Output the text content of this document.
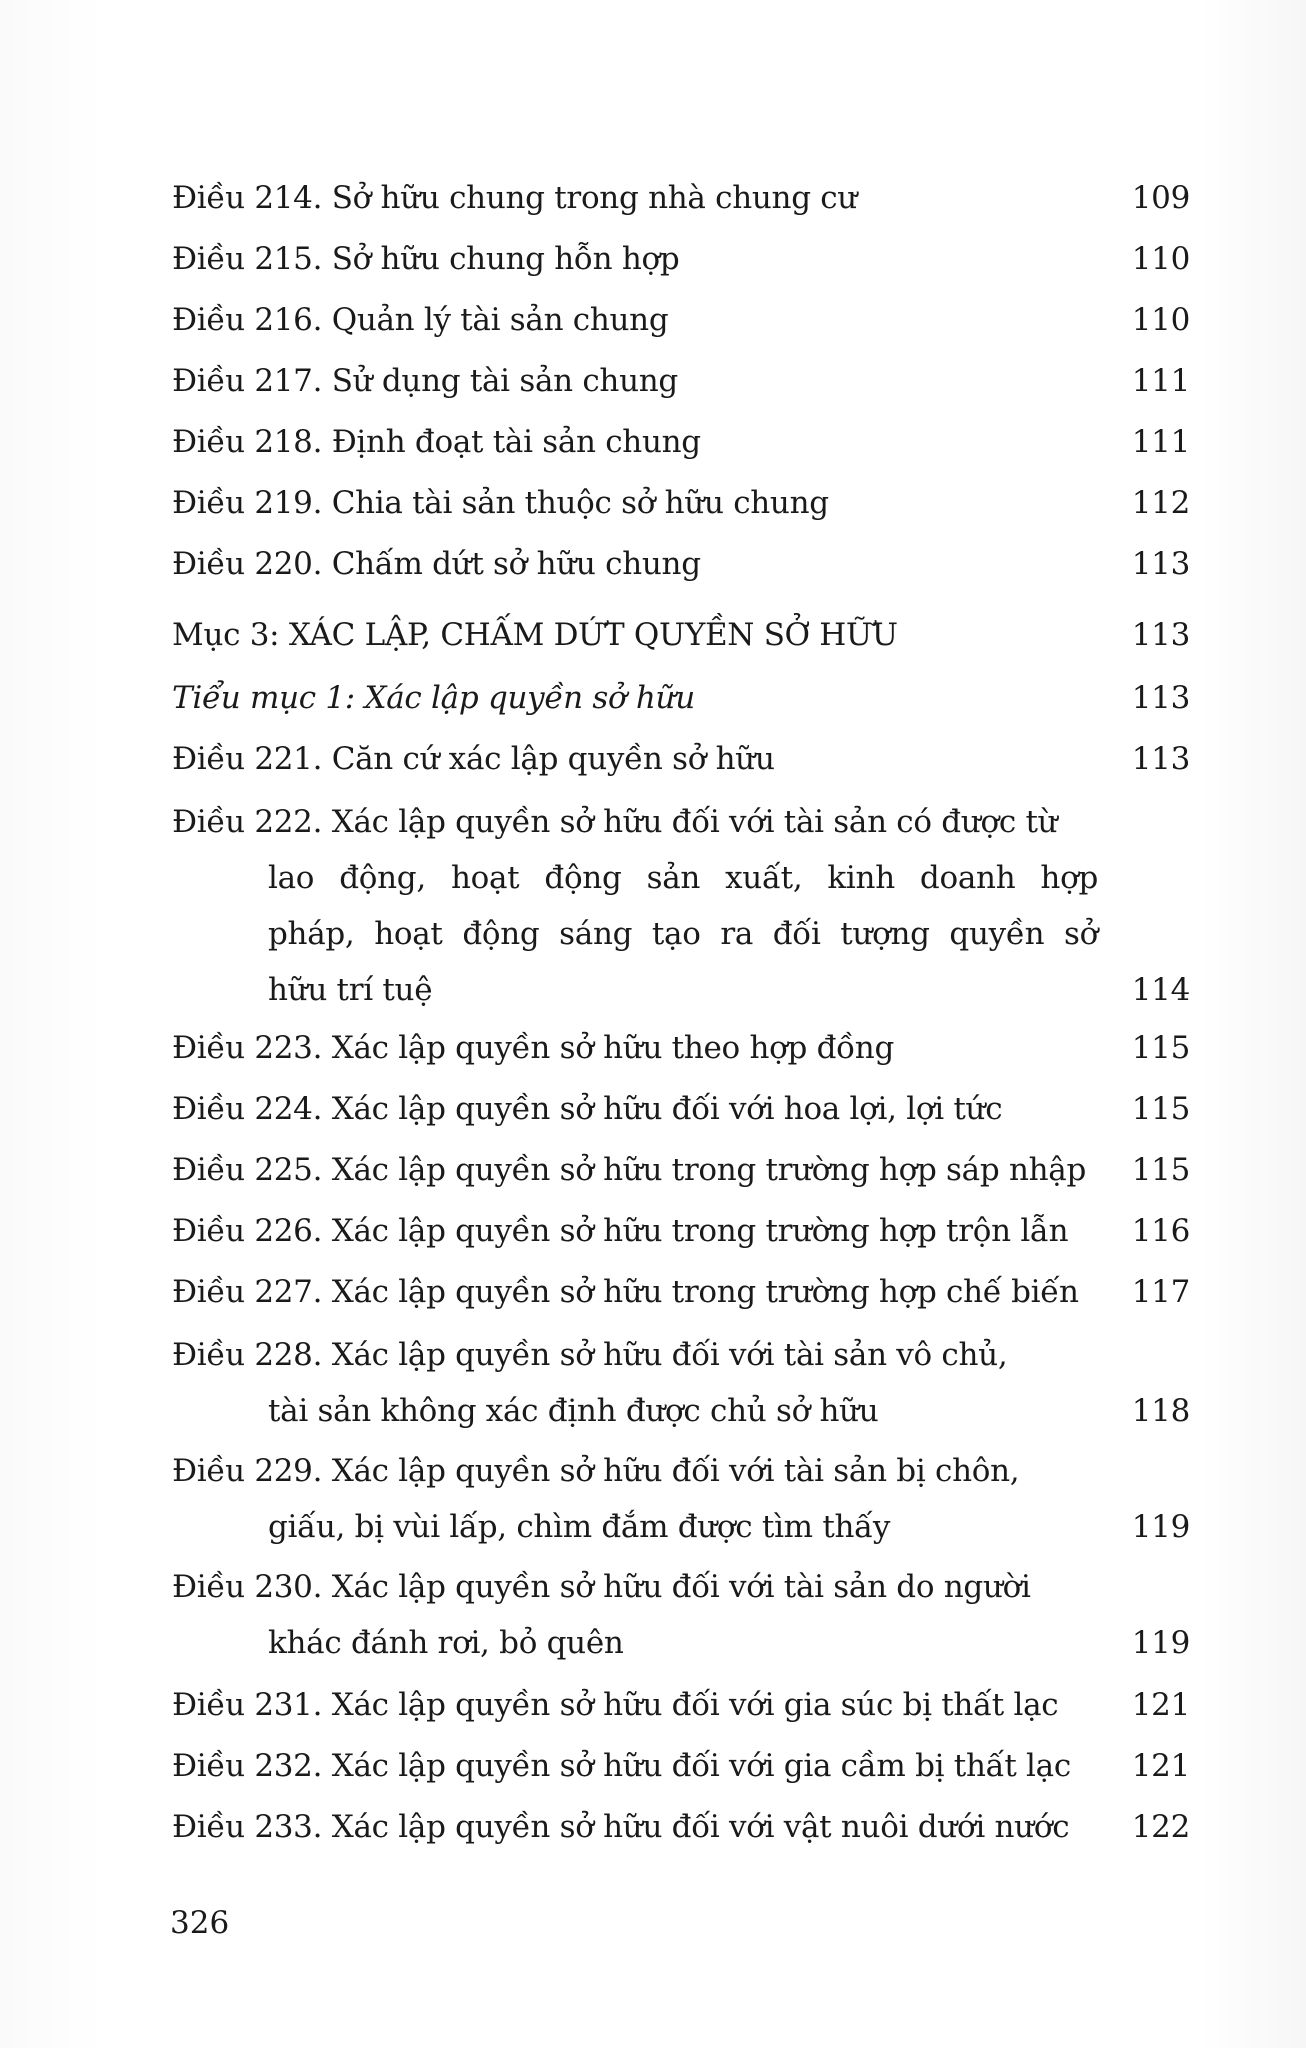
Điều 214. Sở hữu chung trong nhà chung cư	109
Điều 215. Sở hữu chung hỗn hợp	110
Điều 216. Quản lý tài sản chung	110
Điều 217. Sử dụng tài sản chung	111
Điều 218. Định đoạt tài sản chung	111
Điều 219. Chia tài sản thuộc sở hữu chung	112
Điều 220. Chấm dứt sở hữu chung	113
Mục 3: XÁC LẬP, CHẤM DỨT QUYỀN SỞ HỮU	113
Tiểu mục 1: Xác lập quyền sở hữu	113
Điều 221. Căn cứ xác lập quyền sở hữu	113
Điều 222. Xác lập quyền sở hữu đối với tài sản có được từ
lao động, hoạt động sản xuất, kinh doanh hợp
pháp, hoạt động sáng tạo ra đối tượng quyền sở
hữu trí tuệ	114
Điều 223. Xác lập quyền sở hữu theo hợp đồng	115
Điều 224. Xác lập quyền sở hữu đối với hoa lợi, lợi tức	115
Điều 225. Xác lập quyền sở hữu trong trường hợp sáp nhập	115
Điều 226. Xác lập quyền sở hữu trong trường hợp trộn lẫn	116
Điều 227. Xác lập quyền sở hữu trong trường hợp chế biến	117
Điều 228. Xác lập quyền sở hữu đối với tài sản vô chủ,
tài sản không xác định được chủ sở hữu	118
Điều 229. Xác lập quyền sở hữu đối với tài sản bị chôn,
giấu, bị vùi lấp, chìm đắm được tìm thấy	119
Điều 230. Xác lập quyền sở hữu đối với tài sản do người
khác đánh rơi, bỏ quên	119
Điều 231. Xác lập quyền sở hữu đối với gia súc bị thất lạc	121
Điều 232. Xác lập quyền sở hữu đối với gia cầm bị thất lạc	121
Điều 233. Xác lập quyền sở hữu đối với vật nuôi dưới nước	122
326
